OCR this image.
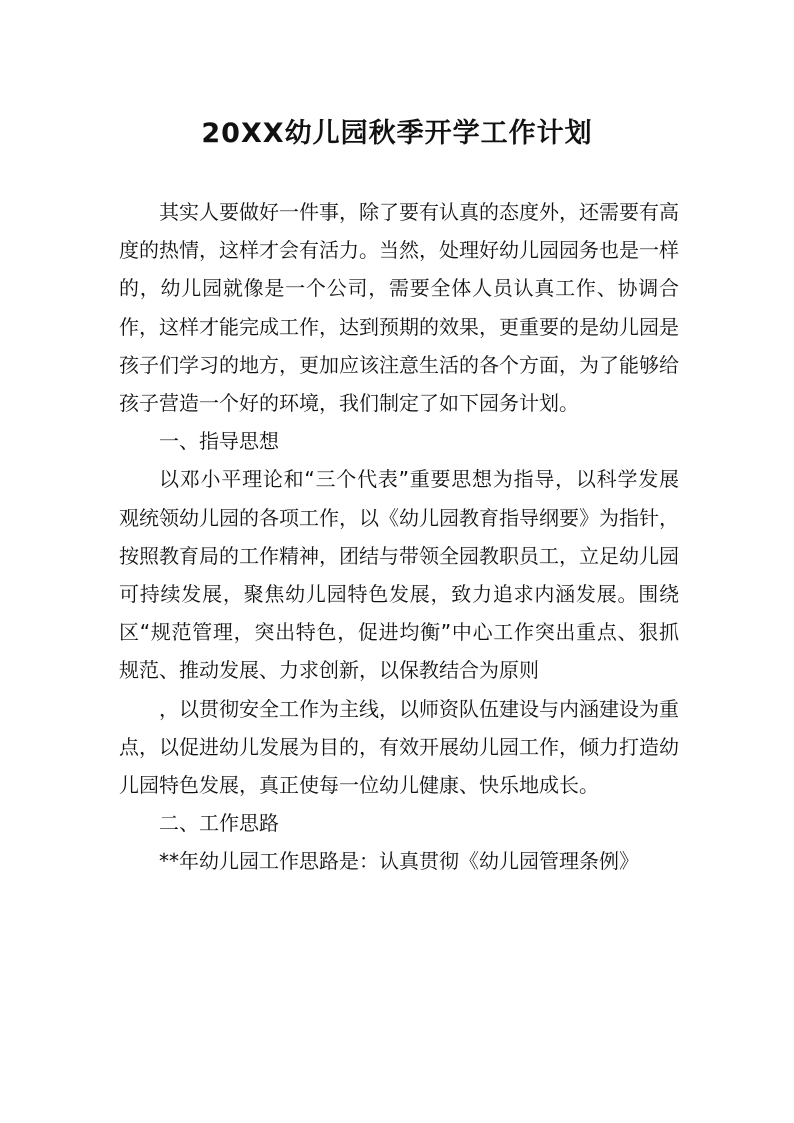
20XX幼儿园秋季开学工作计划

其实人要做好一件事，除了要有认真的态度外，还需要有高度的热情，这样才会有活力。当然，处理好幼儿园园务也是一样的，幼儿园就像是一个公司，需要全体人员认真工作、协调合作，这样才能完成工作，达到预期的效果，更重要的是幼儿园是孩子们学习的地方，更加应该注意生活的各个方面，为了能够给孩子营造一个好的环境，我们制定了如下园务计划。

一、指导思想

以邓小平理论和“三个代表”重要思想为指导，以科学发展观统领幼儿园的各项工作，以《幼儿园教育指导纲要》为指针，按照教育局的工作精神，团结与带领全园教职员工，立足幼儿园可持续发展，聚焦幼儿园特色发展，致力追求内涵发展。围绕区“规范管理，突出特色，促进均衡”中心工作突出重点、狠抓规范、推动发展、力求创新，以保教结合为原则

，以贯彻安全工作为主线，以师资队伍建设与内涵建设为重点，以促进幼儿发展为目的，有效开展幼儿园工作，倾力打造幼儿园特色发展，真正使每一位幼儿健康、快乐地成长。

二、工作思路

**年幼儿园工作思路是：认真贯彻《幼儿园管理条例》
